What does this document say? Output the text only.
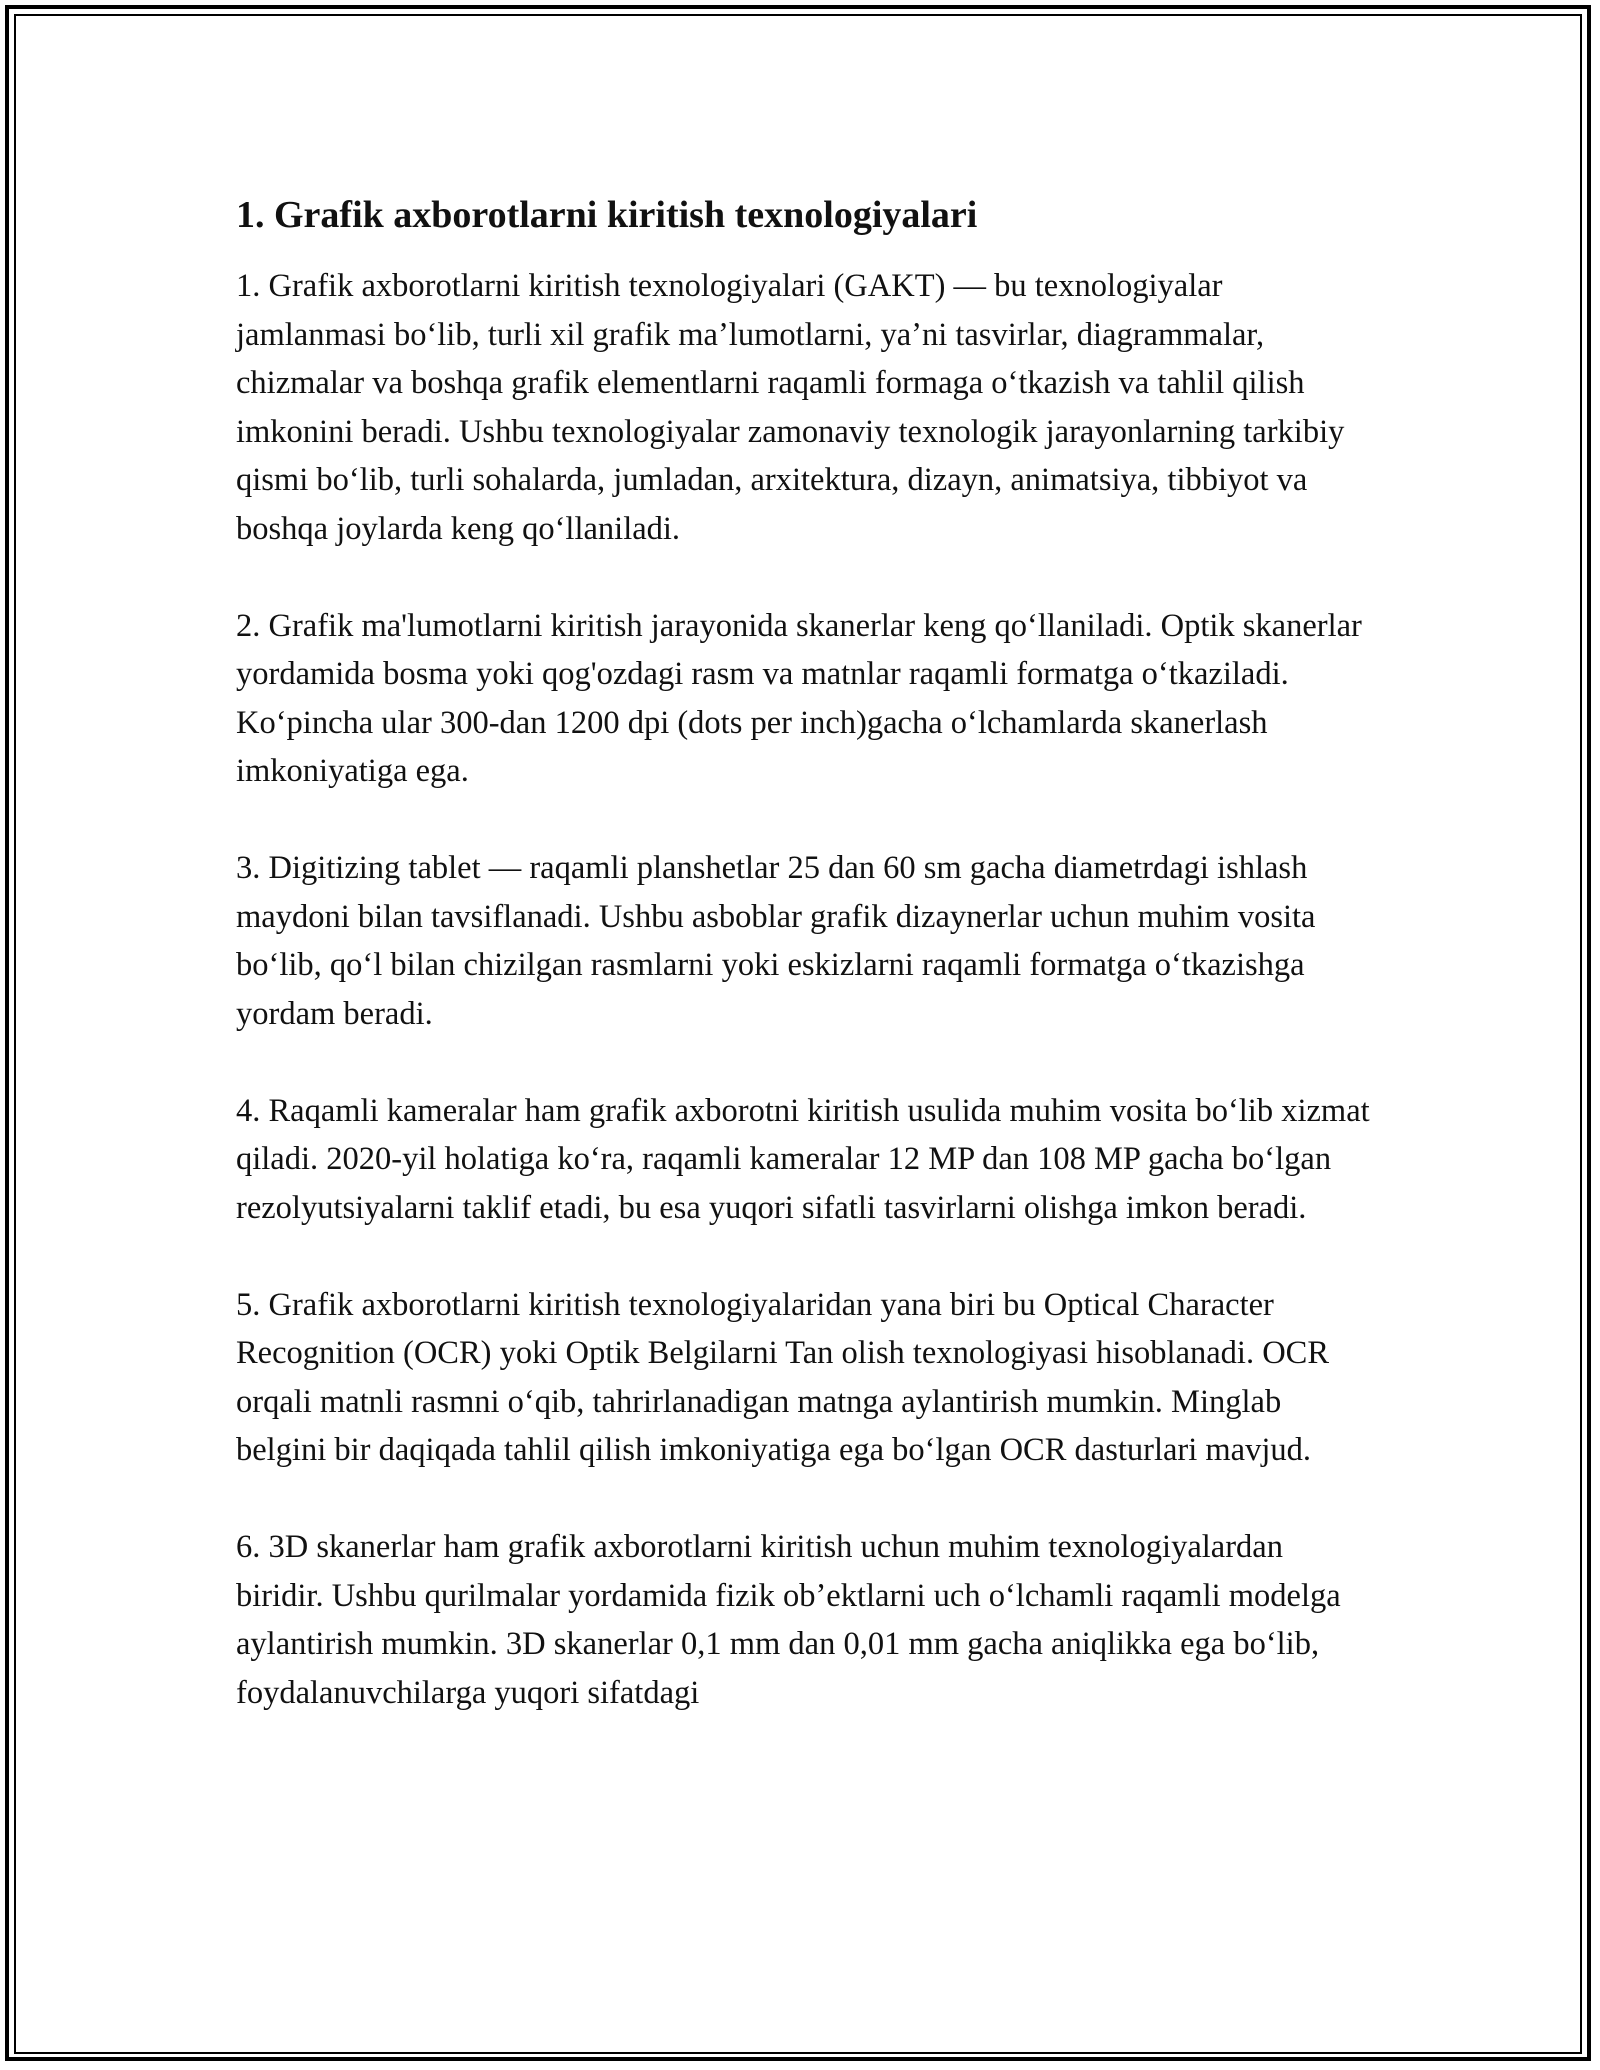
1. Grafik axborotlarni kiritish texnologiyalari

1. Grafik axborotlarni kiritish texnologiyalari (GAKT) — bu texnologiyalar jamlanmasi boʻlib, turli xil grafik maʼlumotlarni, yaʼni tasvirlar, diagrammalar, chizmalar va boshqa grafik elementlarni raqamli formaga oʻtkazish va tahlil qilish imkonini beradi. Ushbu texnologiyalar zamonaviy texnologik jarayonlarning tarkibiy qismi boʻlib, turli sohalarda, jumladan, arxitektura, dizayn, animatsiya, tibbiyot va boshqa joylarda keng qoʻllaniladi.

2. Grafik ma'lumotlarni kiritish jarayonida skanerlar keng qoʻllaniladi. Optik skanerlar yordamida bosma yoki qog'ozdagi rasm va matnlar raqamli formatga oʻtkaziladi. Koʻpincha ular 300-dan 1200 dpi (dots per inch)gacha oʻlchamlarda skanerlash imkoniyatiga ega.

3. Digitizing tablet — raqamli planshetlar 25 dan 60 sm gacha diametrdagi ishlash maydoni bilan tavsiflanadi. Ushbu asboblar grafik dizaynerlar uchun muhim vosita boʻlib, qoʻl bilan chizilgan rasmlarni yoki eskizlarni raqamli formatga oʻtkazishga yordam beradi.

4. Raqamli kameralar ham grafik axborotni kiritish usulida muhim vosita boʻlib xizmat qiladi. 2020-yil holatiga koʻra, raqamli kameralar 12 MP dan 108 MP gacha boʻlgan rezolyutsiyalarni taklif etadi, bu esa yuqori sifatli tasvirlarni olishga imkon beradi.

5. Grafik axborotlarni kiritish texnologiyalaridan yana biri bu Optical Character Recognition (OCR) yoki Optik Belgilarni Tan olish texnologiyasi hisoblanadi. OCR orqali matnli rasmni oʻqib, tahrirlanadigan matnga aylantirish mumkin. Minglab belgini bir daqiqada tahlil qilish imkoniyatiga ega boʻlgan OCR dasturlari mavjud.

6. 3D skanerlar ham grafik axborotlarni kiritish uchun muhim texnologiyalardan biridir. Ushbu qurilmalar yordamida fizik obʼektlarni uch oʻlchamli raqamli modelga aylantirish mumkin. 3D skanerlar 0,1 mm dan 0,01 mm gacha aniqlikka ega boʻlib, foydalanuvchilarga yuqori sifatdagi
